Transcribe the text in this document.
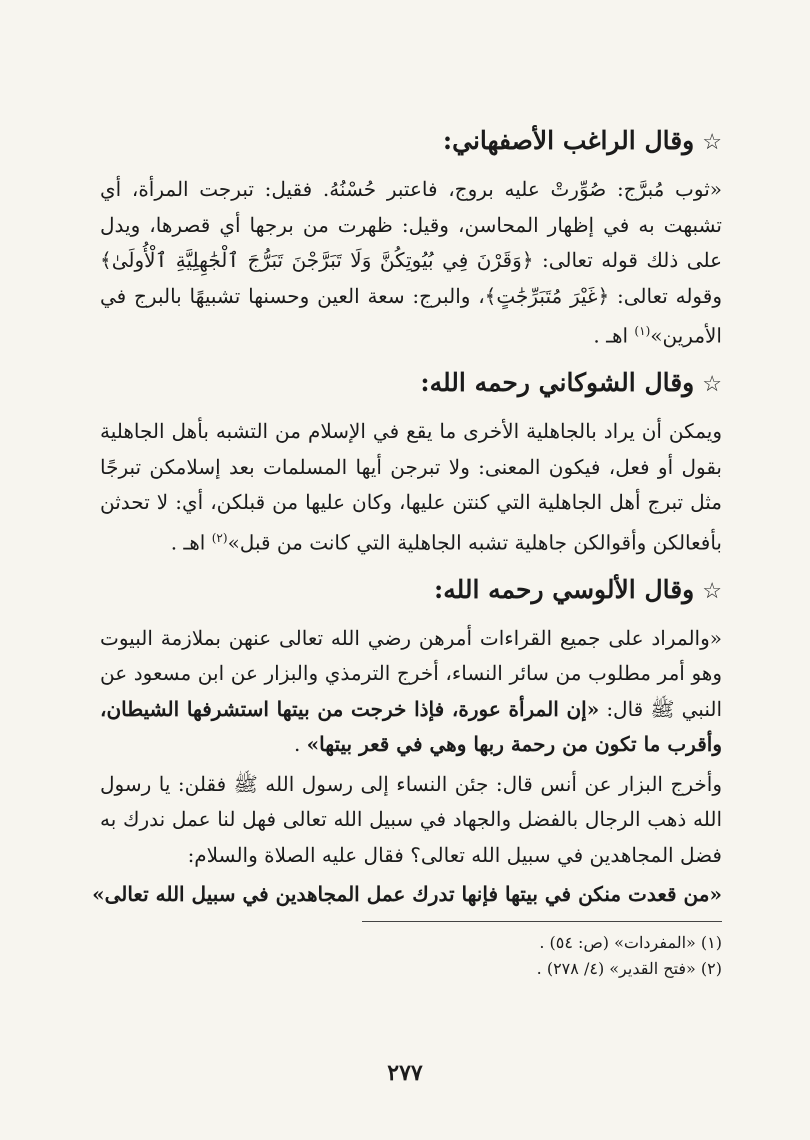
☆وقال الراغب الأصفهاني:

«ثوب مُبرَّج: صُوِّرتْ عليه بروج، فاعتبر حُسْنُهُ. فقيل: تبرجت المرأة، أي تشبهت به في إظهار المحاسن، وقيل: ظهرت من برجها أي قصرها، ويدل على ذلك قوله تعالى: ﴿وَقَرْنَ فِي بُيُوتِكُنَّ وَلَا تَبَرَّجْنَ تَبَرُّجَ ٱلْجَٰهِلِيَّةِ ٱلْأُولَىٰ﴾ وقوله تعالى: ﴿غَيْرَ مُتَبَرِّجَٰتٍ﴾، والبرج: سعة العين وحسنها تشبيهًا بالبرج في الأمرين»$^{(١)}$ اهـ .

☆وقال الشوكاني رحمه الله:

ويمكن أن يراد بالجاهلية الأخرى ما يقع في الإسلام من التشبه بأهل الجاهلية بقول أو فعل، فيكون المعنى: ولا تبرجن أيها المسلمات بعد إسلامكن تبرجًا مثل تبرج أهل الجاهلية التي كنتن عليها، وكان عليها من قبلكن، أي: لا تحدثن بأفعالكن وأقوالكن جاهلية تشبه الجاهلية التي كانت من قبل»$^{(٢)}$ اهـ .

☆وقال الألوسي رحمه الله:

«والمراد على جميع القراءات أمرهن رضي الله تعالى عنهن بملازمة البيوت وهو أمر مطلوب من سائر النساء، أخرج الترمذي والبزار عن ابن مسعود عن النبي ﷺ قال: «إن المرأة عورة، فإذا خرجت من بيتها استشرفها الشيطان، وأقرب ما تكون من رحمة ربها وهي في قعر بيتها» .

وأخرج البزار عن أنس قال: جئن النساء إلى رسول الله ﷺ فقلن: يا رسول الله ذهب الرجال بالفضل والجهاد في سبيل الله تعالى فهل لنا عمل ندرك به فضل المجاهدين في سبيل الله تعالى؟ فقال عليه الصلاة والسلام:

«من قعدت منكن في بيتها فإنها تدرك عمل المجاهدين في سبيل الله تعالى»

(١) «المفردات» (ص: ٥٤) .

(٢) «فتح القدير» (٤/ ٢٧٨) .

٢٧٧
